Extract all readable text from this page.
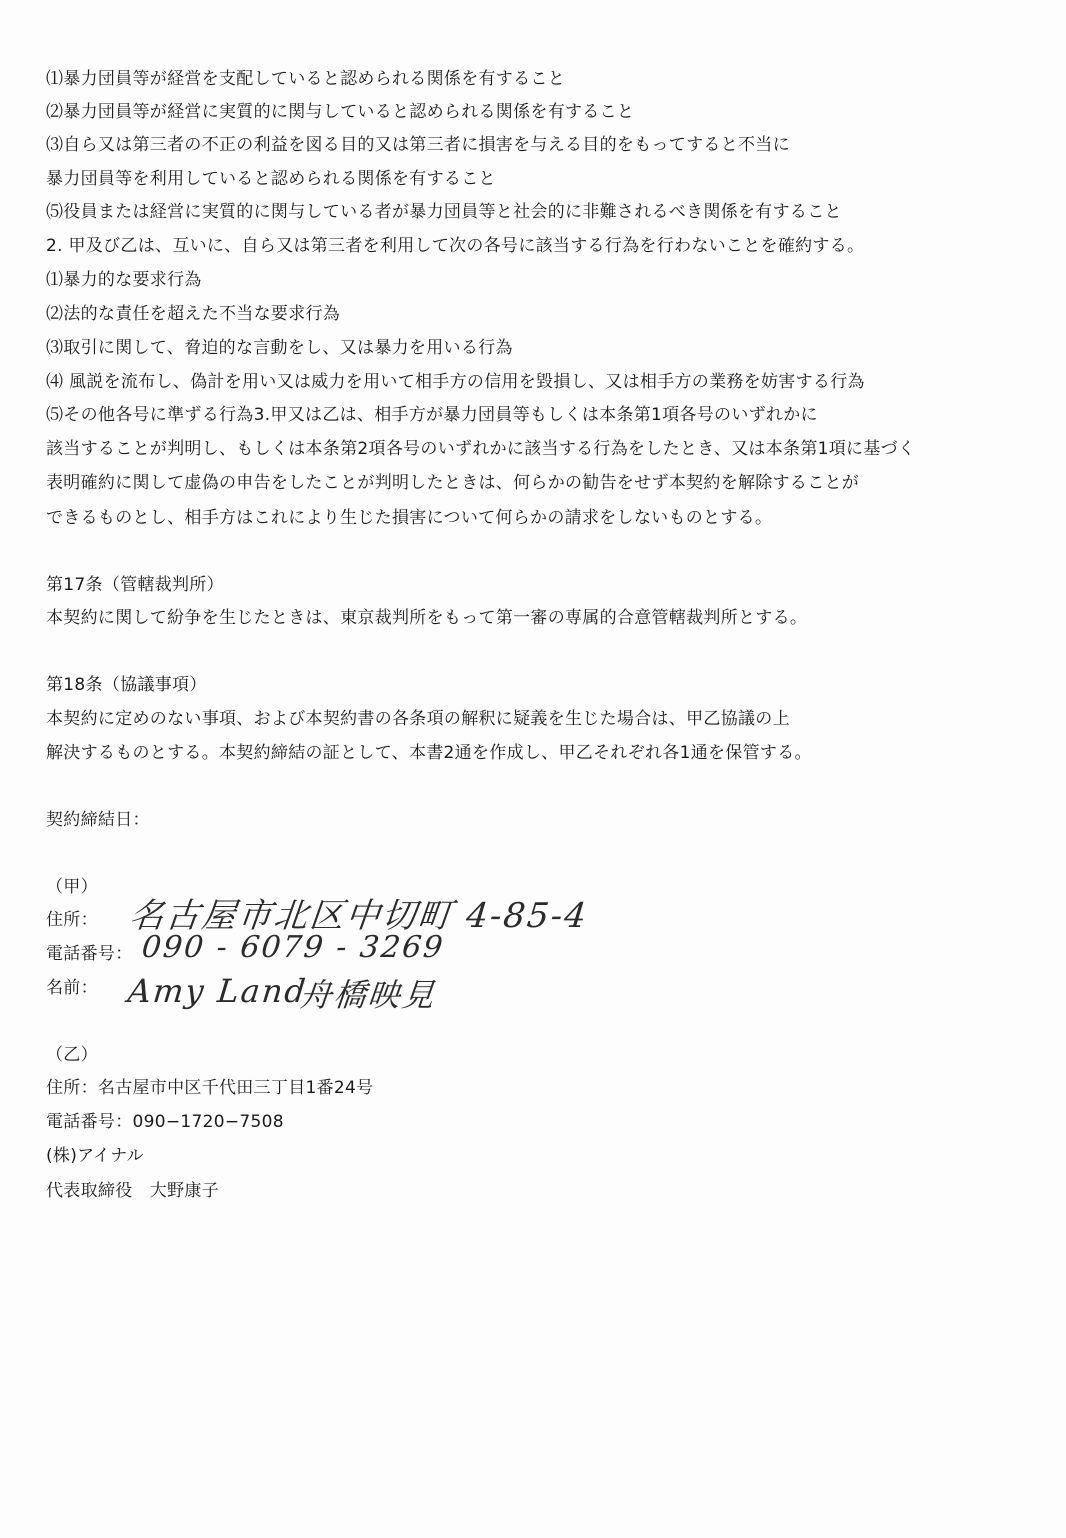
⑴暴力団員等が経営を支配していると認められる関係を有すること
⑵暴力団員等が経営に実質的に関与していると認められる関係を有すること
⑶自ら又は第三者の不正の利益を図る目的又は第三者に損害を与える目的をもってすると不当に
暴力団員等を利用していると認められる関係を有すること
⑸役員または経営に実質的に関与している者が暴力団員等と社会的に非難されるべき関係を有すること
2. 甲及び乙は、互いに、自ら又は第三者を利用して次の各号に該当する行為を行わないことを確約する。
⑴暴力的な要求行為
⑵法的な責任を超えた不当な要求行為
⑶取引に関して、脅迫的な言動をし、又は暴力を用いる行為
⑷ 風説を流布し、偽計を用い又は威力を用いて相手方の信用を毀損し、又は相手方の業務を妨害する行為
⑸その他各号に準ずる行為3.甲又は乙は、相手方が暴力団員等もしくは本条第1項各号のいずれかに
該当することが判明し、もしくは本条第2項各号のいずれかに該当する行為をしたとき、又は本条第1項に基づく
表明確約に関して虚偽の申告をしたことが判明したときは、何らかの勧告をせず本契約を解除することが
できるものとし、相手方はこれにより生じた損害について何らかの請求をしないものとする。
第17条（管轄裁判所）
本契約に関して紛争を生じたときは、東京裁判所をもって第一審の専属的合意管轄裁判所とする。
第18条（協議事項）
本契約に定めのない事項、および本契約書の各条項の解釈に疑義を生じた場合は、甲乙協議の上
解決するものとする。本契約締結の証として、本書2通を作成し、甲乙それぞれ各1通を保管する。
契約締結日：
（甲）
住所： 名古屋市北区中切町 4-85-4
電話番号： 090 - 6079 - 3269
名前： Amy Land
舟橋映見
（乙）
住所：名古屋市中区千代田三丁目1番24号
電話番号：090−1720−7508
(株)アイナル
代表取締役　大野康子
